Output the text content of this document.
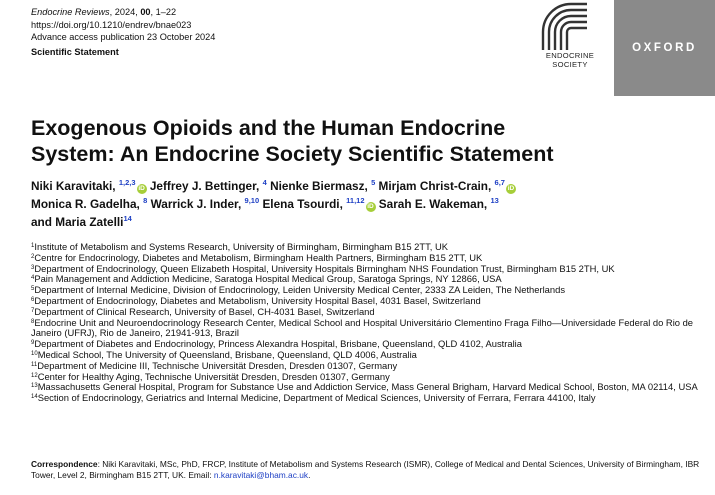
Endocrine Reviews, 2024, 00, 1–22
https://doi.org/10.1210/endrev/bnae023
Advance access publication 23 October 2024
Scientific Statement	ENDOCRINE
SOCIETY
OXFORD
Exogenous Opioids and the Human Endocrine
System: An Endocrine Society Scientific Statement
Niki Karavitaki, $^{1,2,3}$iD Jeffrey J. Bettinger, $^4$ Nienke Biermasz, $^5$ Mirjam Christ-Crain, $^{6,7}$iD
Monica R. Gadelha, $^8$ Warrick J. Inder, $^{9,10}$ Elena Tsourdi, $^{11,12}$iD Sarah E. Wakeman, $^{13}$
and Maria Zatelli$^{14}$
$^1$Institute of Metabolism and Systems Research, University of Birmingham, Birmingham B15 2TT, UK
$^2$Centre for Endocrinology, Diabetes and Metabolism, Birmingham Health Partners, Birmingham B15 2TT, UK
$^3$Department of Endocrinology, Queen Elizabeth Hospital, University Hospitals Birmingham NHS Foundation Trust, Birmingham B15 2TH, UK
$^4$Pain Management and Addiction Medicine, Saratoga Hospital Medical Group, Saratoga Springs, NY 12866, USA
$^5$Department of Internal Medicine, Division of Endocrinology, Leiden University Medical Center, 2333 ZA Leiden, The Netherlands
$^6$Department of Endocrinology, Diabetes and Metabolism, University Hospital Basel, 4031 Basel, Switzerland
$^7$Department of Clinical Research, University of Basel, CH-4031 Basel, Switzerland
$^8$Endocrine Unit and Neuroendocrinology Research Center, Medical School and Hospital Universitário Clementino Fraga Filho—Universidade Federal do Rio de Janeiro (UFRJ), Rio de Janeiro, 21941-913, Brazil
$^9$Department of Diabetes and Endocrinology, Princess Alexandra Hospital, Brisbane, Queensland, QLD 4102, Australia
$^{10}$Medical School, The University of Queensland, Brisbane, Queensland, QLD 4006, Australia
$^{11}$Department of Medicine III, Technische Universität Dresden, Dresden 01307, Germany
$^{12}$Center for Healthy Aging, Technische Universität Dresden, Dresden 01307, Germany
$^{13}$Massachusetts General Hospital, Program for Substance Use and Addiction Service, Mass General Brigham, Harvard Medical School, Boston, MA 02114, USA
$^{14}$Section of Endocrinology, Geriatrics and Internal Medicine, Department of Medical Sciences, University of Ferrara, Ferrara 44100, Italy
Correspondence: Niki Karavitaki, MSc, PhD, FRCP, Institute of Metabolism and Systems Research (ISMR), College of Medical and Dental Sciences, University of Birmingham, IBR Tower, Level 2, Birmingham B15 2TT, UK. Email: n.karavitaki@bham.ac.uk.
